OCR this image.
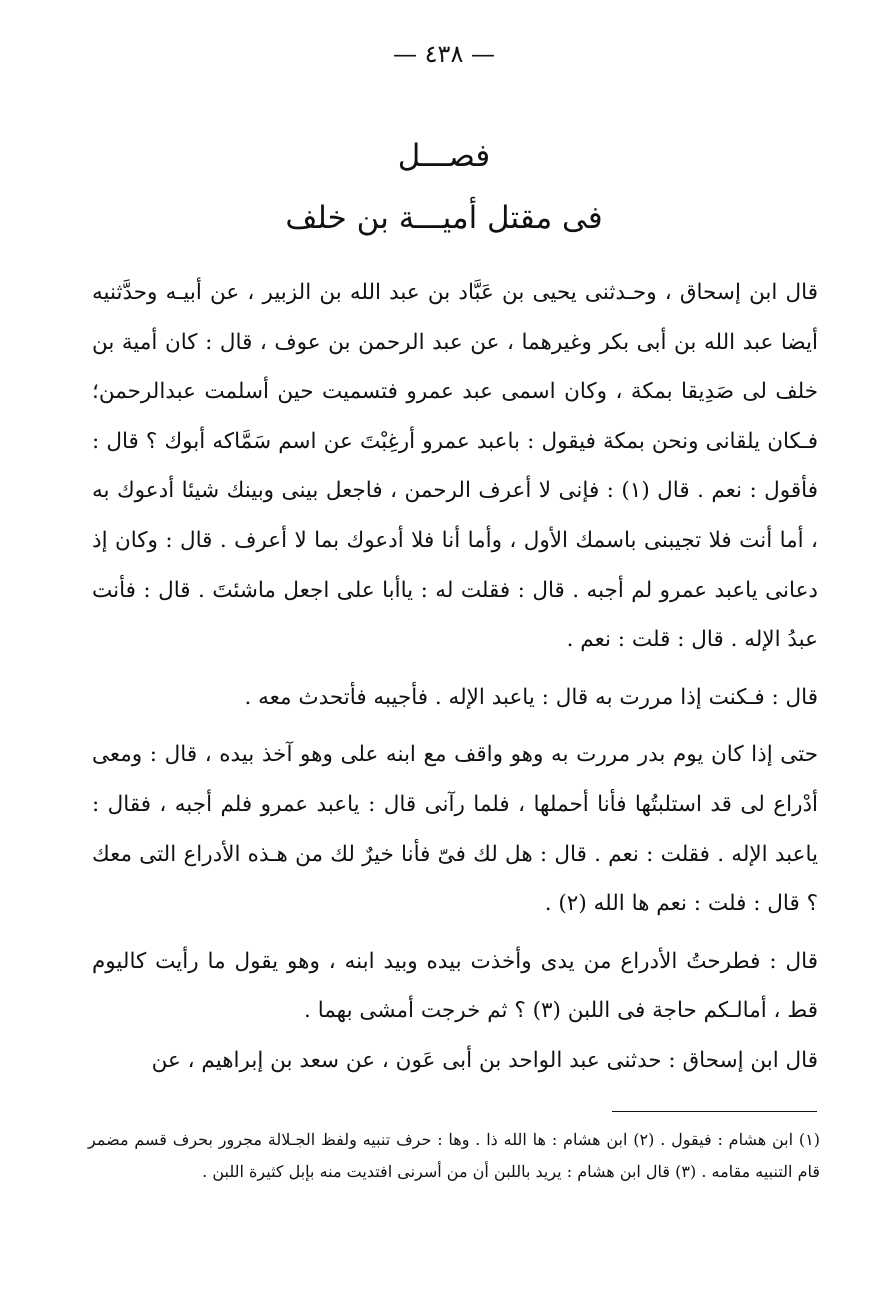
— ٤٣٨ —
فصـــل
فى مقتل أميـــة بن خلف

قال ابن إسحاق ، وحـدثنى يحيى بن عَبَّاد بن عبد الله بن الزبير ، عن أبيـه وحدَّثنيه أيضا عبد الله بن أبى بكر وغيرهما ، عن عبد الرحمن بن عوف ، قال : كان أمية بن خلف لى صَدِيقا بمكة ، وكان اسمى عبد عمرو فتسميت حين أسلمت عبدالرحمن؛ فـكان يلقانى ونحن بمكة فيقول : باعبد عمرو أرغِبْتَ عن اسم سَمَّاكه أبوك ؟ قال : فأقول : نعم . قال (١) : فإنى لا أعرف الرحمن ، فاجعل بينى وبينك شيئا أدعوك به ، أما أنت فلا تجيبنى باسمك الأول ، وأما أنا فلا أدعوك بما لا أعرف . قال : وكان إذ دعانى ياعبد عمرو لم أجبه . قال : فقلت له : ياأبا على اجعل ماشئتَ . قال : فأنت عبدُ الإله . قال : قلت : نعم .

قال : فـكنت إذا مررت به قال : ياعبد الإله . فأجيبه فأتحدث معه .

حتى إذا كان يوم بدر مررت به وهو واقف مع ابنه على وهو آخذ بيده ، قال : ومعى أدْراع لى قد استلبتُها فأنا أحملها ، فلما رآنى قال : ياعبد عمرو فلم أجبه ، فقال : ياعبد الإله . فقلت : نعم . قال : هل لك فىّ فأنا خيرٌ لك من هـذه الأدراع التى معك ؟ قال : فلت : نعم ها الله (٢) .

قال : فطرحتُ الأدراع من يدى وأخذت بيده وبيد ابنه ، وهو يقول ما رأيت كاليوم قط ، أمالـكم حاجة فى اللبن (٣) ؟ ثم خرجت أمشى بهما .

قال ابن إسحاق : حدثنى عبد الواحد بن أبى عَون ، عن سعد بن إبراهيم ، عن

(١) ابن هشام : فيقول . (٢) ابن هشام : ها الله ذا . وها : حرف تنبيه ولفظ الجـلالة مجرور بحرف قسم مضمر قام التنبيه مقامه . (٣) قال ابن هشام : يريد باللبن أن من أسرنى افتديت منه بإبل كثيرة اللبن .
